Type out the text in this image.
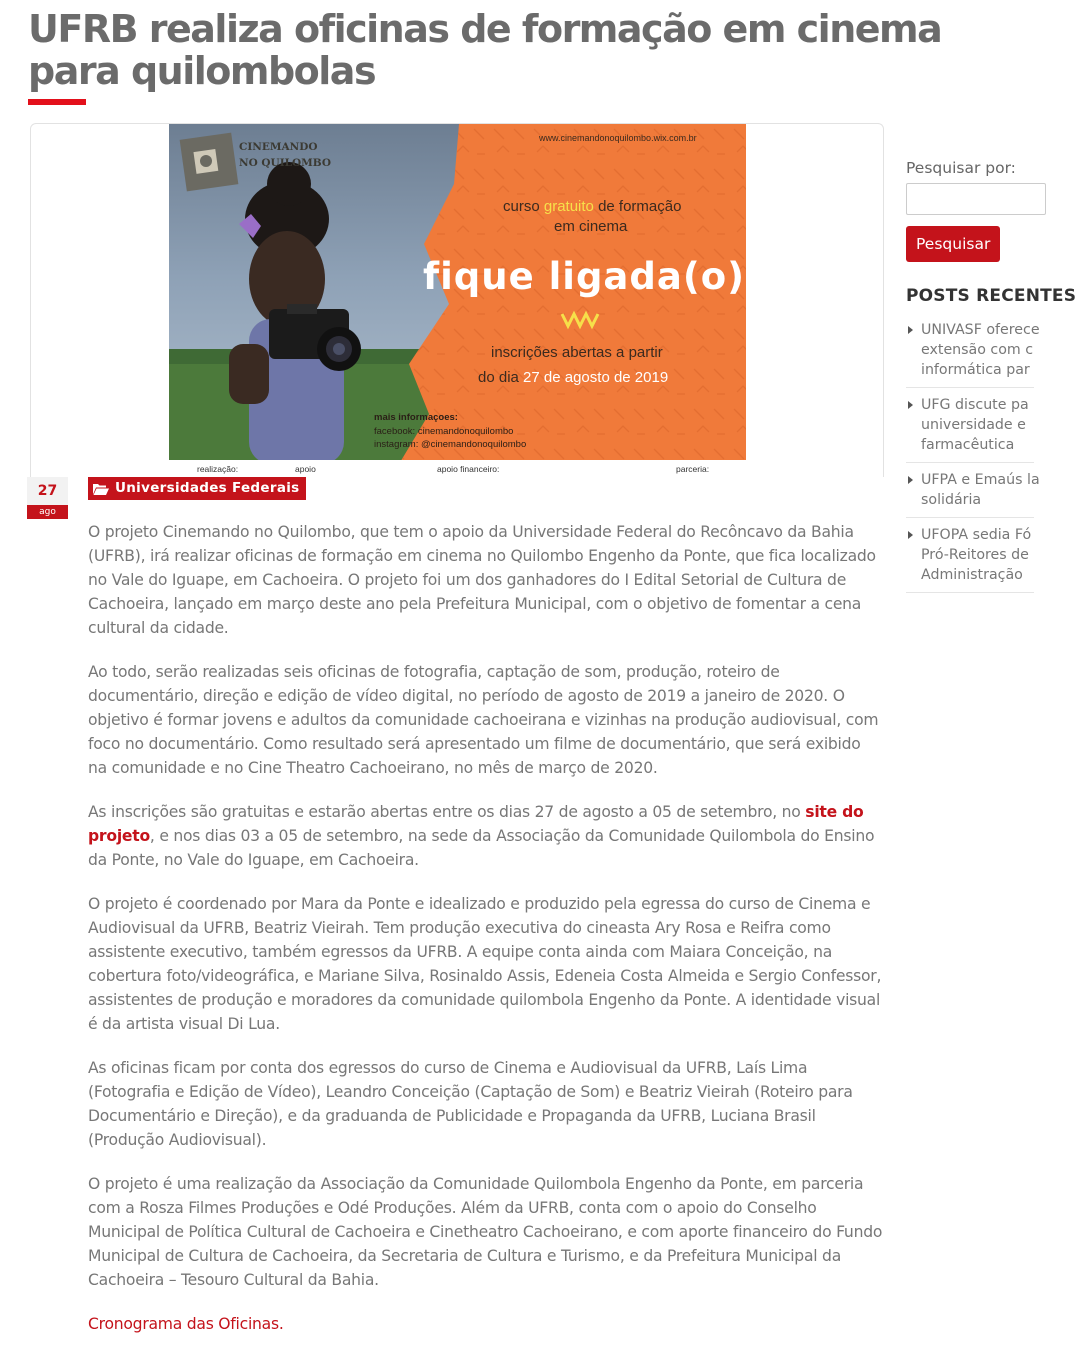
UFRB realiza oficinas de formação em cinema para quilombolas
CINEMANDO
NO QUILOMBO
www.cinemandonoquilombo.wix.com.br
curso gratuito de formação
em cinema
fique ligada(o)!
inscrições abertas a partir
do dia 27 de agosto de 2019
mais informaçoes:
facebook: cinemandonoquilombo
instagram: @cinemandonoquilombo
realização:	apoio	apoio financeiro:	parceria:
27
ago
Universidades Federais

O projeto Cinemando no Quilombo, que tem o apoio da Universidade Federal do Recôncavo da Bahia (UFRB), irá realizar oficinas de formação em cinema no Quilombo Engenho da Ponte, que fica localizado no Vale do Iguape, em Cachoeira. O projeto foi um dos ganhadores do I Edital Setorial de Cultura de Cachoeira, lançado em março deste ano pela Prefeitura Municipal, com o objetivo de fomentar a cena cultural da cidade.

Ao todo, serão realizadas seis oficinas de fotografia, captação de som, produção, roteiro de documentário, direção e edição de vídeo digital, no período de agosto de 2019 a janeiro de 2020. O objetivo é formar jovens e adultos da comunidade cachoeirana e vizinhas na produção audiovisual, com foco no documentário. Como resultado será apresentado um filme de documentário, que será exibido na comunidade e no Cine Theatro Cachoeirano, no mês de março de 2020.

As inscrições são gratuitas e estarão abertas entre os dias 27 de agosto a 05 de setembro, no site do projeto, e nos dias 03 a 05 de setembro, na sede da Associação da Comunidade Quilombola do Ensino da Ponte, no Vale do Iguape, em Cachoeira.

O projeto é coordenado por Mara da Ponte e idealizado e produzido pela egressa do curso de Cinema e Audiovisual da UFRB, Beatriz Vieirah. Tem produção executiva do cineasta Ary Rosa e Reifra como assistente executivo, também egressos da UFRB. A equipe conta ainda com Maiara Conceição, na cobertura foto/videográfica, e Mariane Silva, Rosinaldo Assis, Edeneia Costa Almeida e Sergio Confessor, assistentes de produção e moradores da comunidade quilombola Engenho da Ponte. A identidade visual é da artista visual Di Lua.

As oficinas ficam por conta dos egressos do curso de Cinema e Audiovisual da UFRB, Laís Lima (Fotografia e Edição de Vídeo), Leandro Conceição (Captação de Som) e Beatriz Vieirah (Roteiro para Documentário e Direção), e da graduanda de Publicidade e Propaganda da UFRB, Luciana Brasil (Produção Audiovisual).

O projeto é uma realização da Associação da Comunidade Quilombola Engenho da Ponte, em parceria com a Rosza Filmes Produções e Odé Produções. Além da UFRB, conta com o apoio do Conselho Municipal de Política Cultural de Cachoeira e Cinetheatro Cachoeirano, e com aporte financeiro do Fundo Municipal de Cultura de Cachoeira, da Secretaria de Cultura e Turismo, e da Prefeitura Municipal da Cachoeira – Tesouro Cultural da Bahia.

Cronograma das Oficinas.

Pesquisar por:
Pesquisar
POSTS RECENTES
UNIVASF oferece
extensão com c
informática par
UFG discute pa
universidade e
farmacêutica
UFPA e Emaús la
solidária
UFOPA sedia Fó
Pró-Reitores de
Administração
